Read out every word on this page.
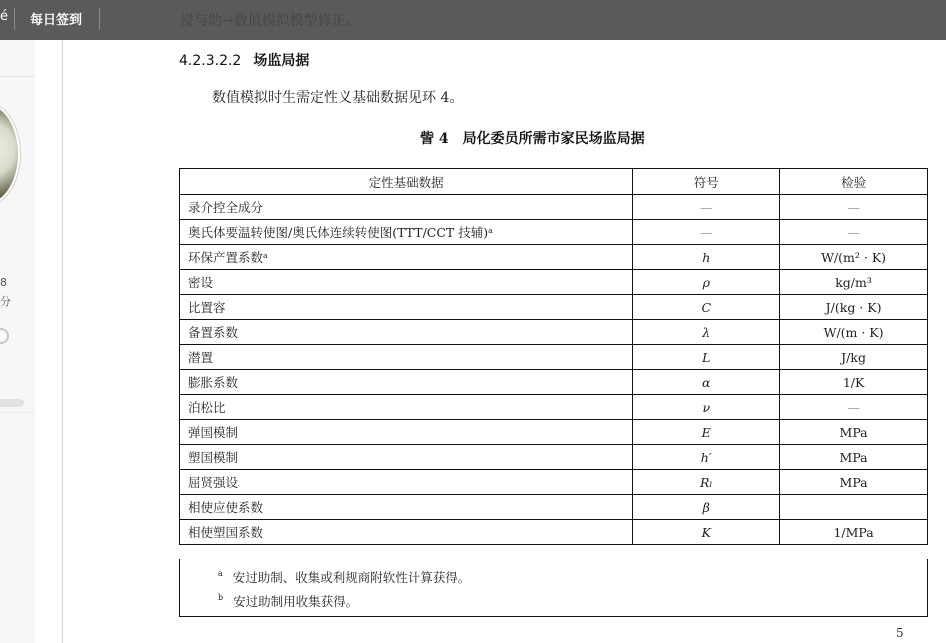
é 每日签到
8
分
浸与助→数值模拟模型修正。
4.2.3.2.2 场监局据
数值模拟时生需定性义基础数据见环 4。
訾 4 局化委员所需市家民场监局据
定性基础数据	符号	检验
录介控全成分	—	—
奥氏体要温转使图/奥氏体连续转使图(TTT/CCT 技辅)ᵃ	—	—
环保产置系数ᵃ	h	W/(m² · K)
密设	ρ	kg/m³
比置容	C	J/(kg · K)
备置系数	λ	W/(m · K)
潜置	L	J/kg
膨胀系数	α	1/K
泊松比	ν	—
弹国模制	E	MPa
塑国模制	h′	MPa
屈贤强设	Rₗ	MPa
相使应使系数	β	
相使塑国系数	K	1/MPa
$^a$ 安过助制、收集或利规商附软性计算获得。
$^b$ 安过助制用收集获得。
5
